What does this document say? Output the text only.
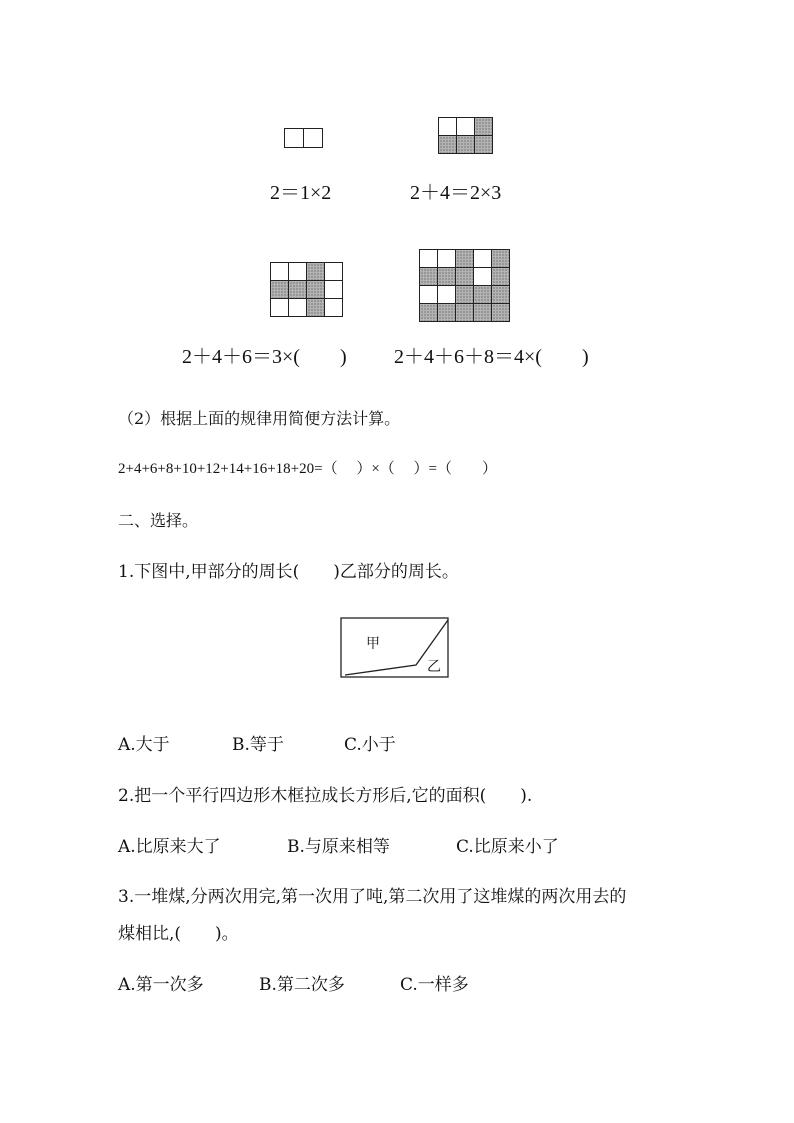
2＝1×2	2＋4＝2×3

2＋4＋6＝3×(　　) 2＋4＋6＋8＝4×(　　)
（2）根据上面的规律用简便方法计算。
2+4+6+8+10+12+14+16+18+20=（　 ）×（　 ）=（　　）
二、选择。
1.下图中,甲部分的周长(　　)乙部分的周长。
甲
乙
A.大于	B.等于	C.小于
2.把一个平行四边形木框拉成长方形后,它的面积(　　).
A.比原来大了	B.与原来相等	C.比原来小了
3.一堆煤,分两次用完,第一次用了吨,第二次用了这堆煤的两次用去的
煤相比,(　　)。
A.第一次多	B.第二次多	C.一样多
